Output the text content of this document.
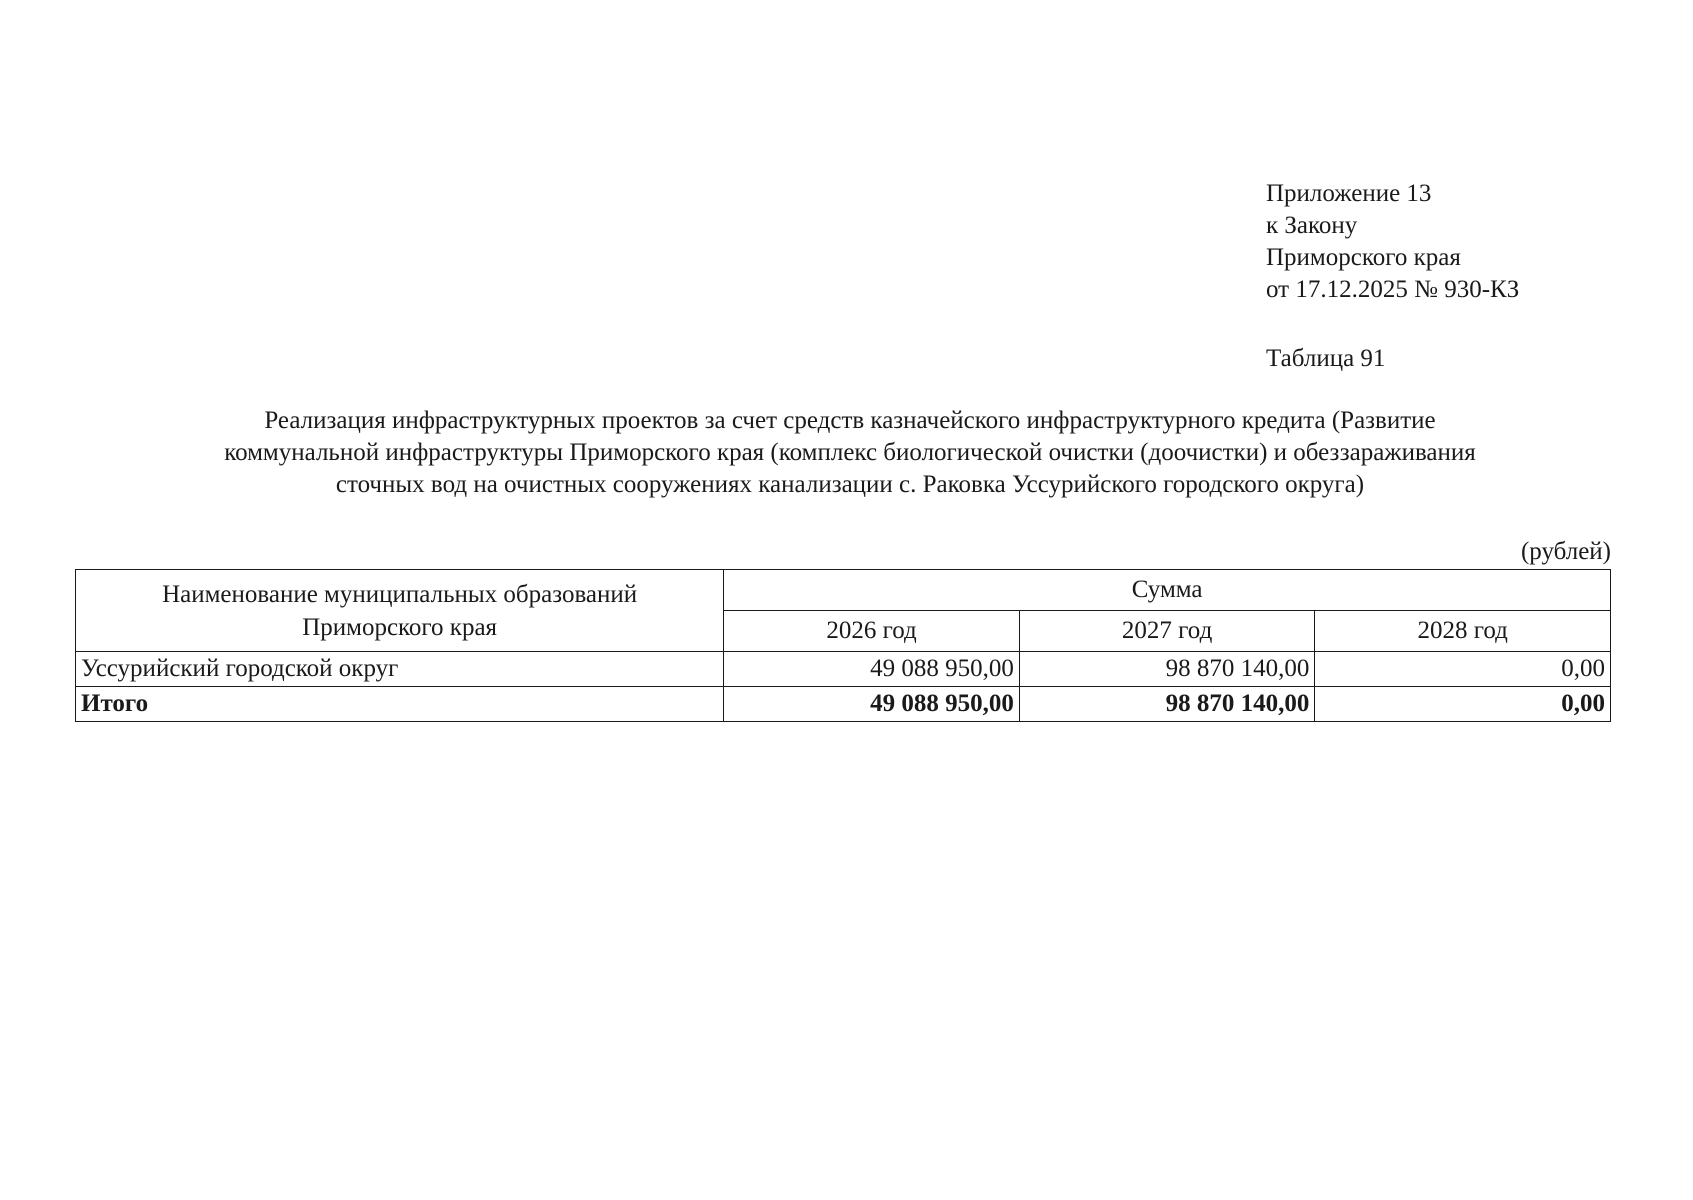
Приложение 13
к Закону
Приморского края
от 17.12.2025 № 930-КЗ
Таблица 91
Реализация инфраструктурных проектов за счет средств казначейского инфраструктурного кредита (Развитие
коммунальной инфраструктуры Приморского края (комплекс биологической очистки (доочистки) и обеззараживания
сточных вод на очистных сооружениях канализации с. Раковка Уссурийского городского округа)
(рублей)
Наименование муниципальных образований
Приморского края	Сумма		
	2026 год	2027 год	2028 год
Уссурийский городской округ	49 088 950,00	98 870 140,00	0,00
Итого	49 088 950,00	98 870 140,00	0,00
